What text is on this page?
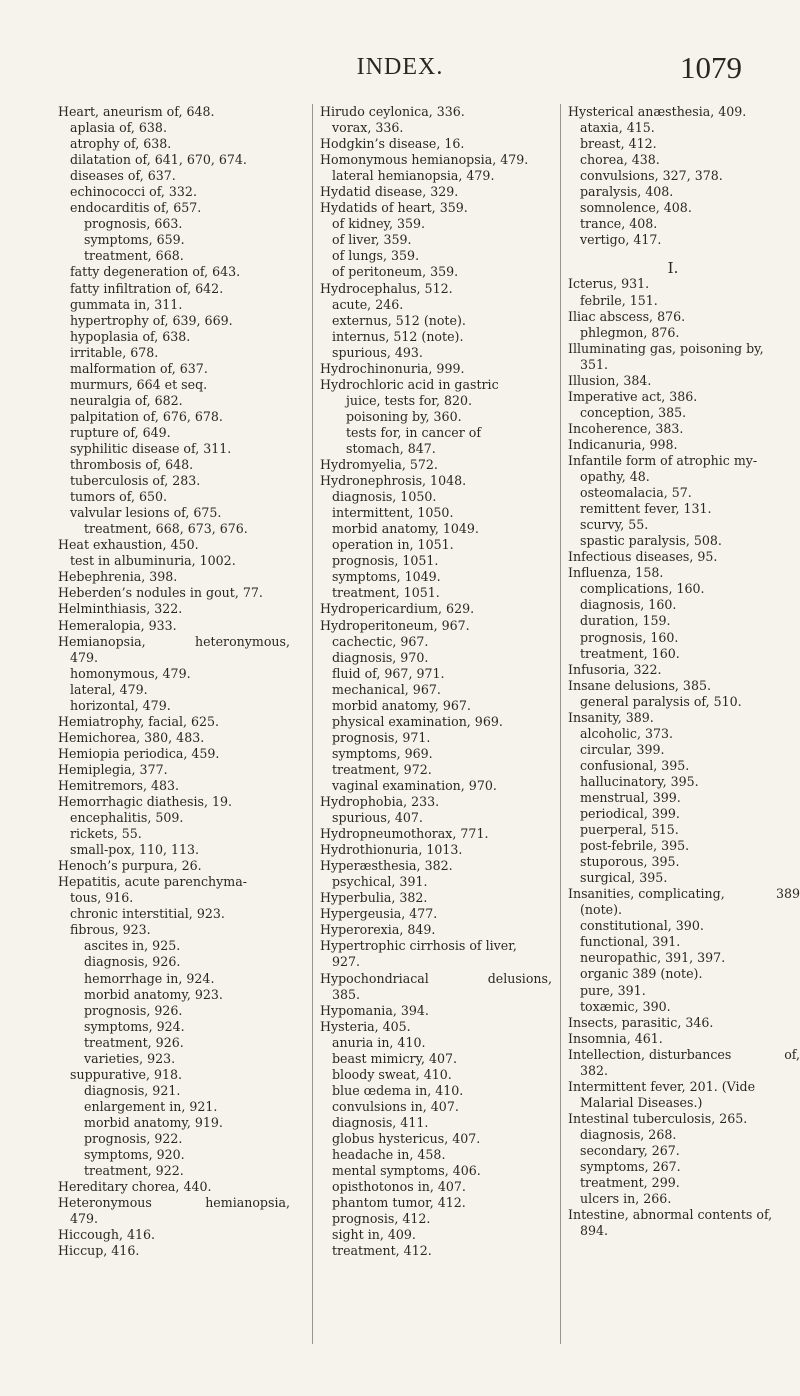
INDEX.	1079
Heart, aneurism of, 648.
aplasia of, 638.
atrophy of, 638.
dilatation of, 641, 670, 674.
diseases of, 637.
echinococci of, 332.
endocarditis of, 657.
prognosis, 663.
symptoms, 659.
treatment, 668.
fatty degeneration of, 643.
fatty infiltration of, 642.
gummata in, 311.
hypertrophy of, 639, 669.
hypoplasia of, 638.
irritable, 678.
malformation of, 637.
murmurs, 664 et seq.
neuralgia of, 682.
palpitation of, 676, 678.
rupture of, 649.
syphilitic disease of, 311.
thrombosis of, 648.
tuberculosis of, 283.
tumors of, 650.
valvular lesions of, 675.
treatment, 668, 673, 676.
Heat exhaustion, 450.
test in albuminuria, 1002.
Hebephrenia, 398.
Heberden’s nodules in gout, 77.
Helminthiasis, 322.
Hemeralopia, 933.
Hemianopsia,	heteronymous,
479.
homonymous, 479.
lateral, 479.
horizontal, 479.
Hemiatrophy, facial, 625.
Hemichorea, 380, 483.
Hemiopia periodica, 459.
Hemiplegia, 377.
Hemitremors, 483.
Hemorrhagic diathesis, 19.
encephalitis, 509.
rickets, 55.
small-pox, 110, 113.
Henoch’s purpura, 26.
Hepatitis, acute parenchyma-
tous, 916.
chronic interstitial, 923.
fibrous, 923.
ascites in, 925.
diagnosis, 926.
hemorrhage in, 924.
morbid anatomy, 923.
prognosis, 926.
symptoms, 924.
treatment, 926.
varieties, 923.
suppurative, 918.
diagnosis, 921.
enlargement in, 921.
morbid anatomy, 919.
prognosis, 922.
symptoms, 920.
treatment, 922.
Hereditary chorea, 440.
Heteronymous	hemianopsia,
479.
Hiccough, 416.
Hiccup, 416.
Hirudo ceylonica, 336.
vorax, 336.
Hodgkin’s disease, 16.
Homonymous hemianopsia, 479.
lateral hemianopsia, 479.
Hydatid disease, 329.
Hydatids of heart, 359.
of kidney, 359.
of liver, 359.
of lungs, 359.
of peritoneum, 359.
Hydrocephalus, 512.
acute, 246.
externus, 512 (note).
internus, 512 (note).
spurious, 493.
Hydrochinonuria, 999.
Hydrochloric acid in gastric
juice, tests for, 820.
poisoning by, 360.
tests for, in cancer of
stomach, 847.
Hydromyelia, 572.
Hydronephrosis, 1048.
diagnosis, 1050.
intermittent, 1050.
morbid anatomy, 1049.
operation in, 1051.
prognosis, 1051.
symptoms, 1049.
treatment, 1051.
Hydropericardium, 629.
Hydroperitoneum, 967.
cachectic, 967.
diagnosis, 970.
fluid of, 967, 971.
mechanical, 967.
morbid anatomy, 967.
physical examination, 969.
prognosis, 971.
symptoms, 969.
treatment, 972.
vaginal examination, 970.
Hydrophobia, 233.
spurious, 407.
Hydropneumothorax, 771.
Hydrothionuria, 1013.
Hyperæsthesia, 382.
psychical, 391.
Hyperbulia, 382.
Hypergeusia, 477.
Hyperorexia, 849.
Hypertrophic cirrhosis of liver,
927.
Hypochondriacal	delusions,
385.
Hypomania, 394.
Hysteria, 405.
anuria in, 410.
beast mimicry, 407.
bloody sweat, 410.
blue œdema in, 410.
convulsions in, 407.
diagnosis, 411.
globus hystericus, 407.
headache in, 458.
mental symptoms, 406.
opisthotonos in, 407.
phantom tumor, 412.
prognosis, 412.
sight in, 409.
treatment, 412.
Hysterical anæsthesia, 409.
ataxia, 415.
breast, 412.
chorea, 438.
convulsions, 327, 378.
paralysis, 408.
somnolence, 408.
trance, 408.
vertigo, 417.
I.
Icterus, 931.
febrile, 151.
Iliac abscess, 876.
phlegmon, 876.
Illuminating gas, poisoning by,
351.
Illusion, 384.
Imperative act, 386.
conception, 385.
Incoherence, 383.
Indicanuria, 998.
Infantile form of atrophic my-
opathy, 48.
osteomalacia, 57.
remittent fever, 131.
scurvy, 55.
spastic paralysis, 508.
Infectious diseases, 95.
Influenza, 158.
complications, 160.
diagnosis, 160.
duration, 159.
prognosis, 160.
treatment, 160.
Infusoria, 322.
Insane delusions, 385.
general paralysis of, 510.
Insanity, 389.
alcoholic, 373.
circular, 399.
confusional, 395.
hallucinatory, 395.
menstrual, 399.
periodical, 399.
puerperal, 515.
post-febrile, 395.
stuporous, 395.
surgical, 395.
Insanities, complicating,	389
(note).
constitutional, 390.
functional, 391.
neuropathic, 391, 397.
organic 389 (note).
pure, 391.
toxæmic, 390.
Insects, parasitic, 346.
Insomnia, 461.
Intellection, disturbances	of,
382.
Intermittent fever, 201. (Vide
Malarial Diseases.)
Intestinal tuberculosis, 265.
diagnosis, 268.
secondary, 267.
symptoms, 267.
treatment, 299.
ulcers in, 266.
Intestine, abnormal contents of,
894.
